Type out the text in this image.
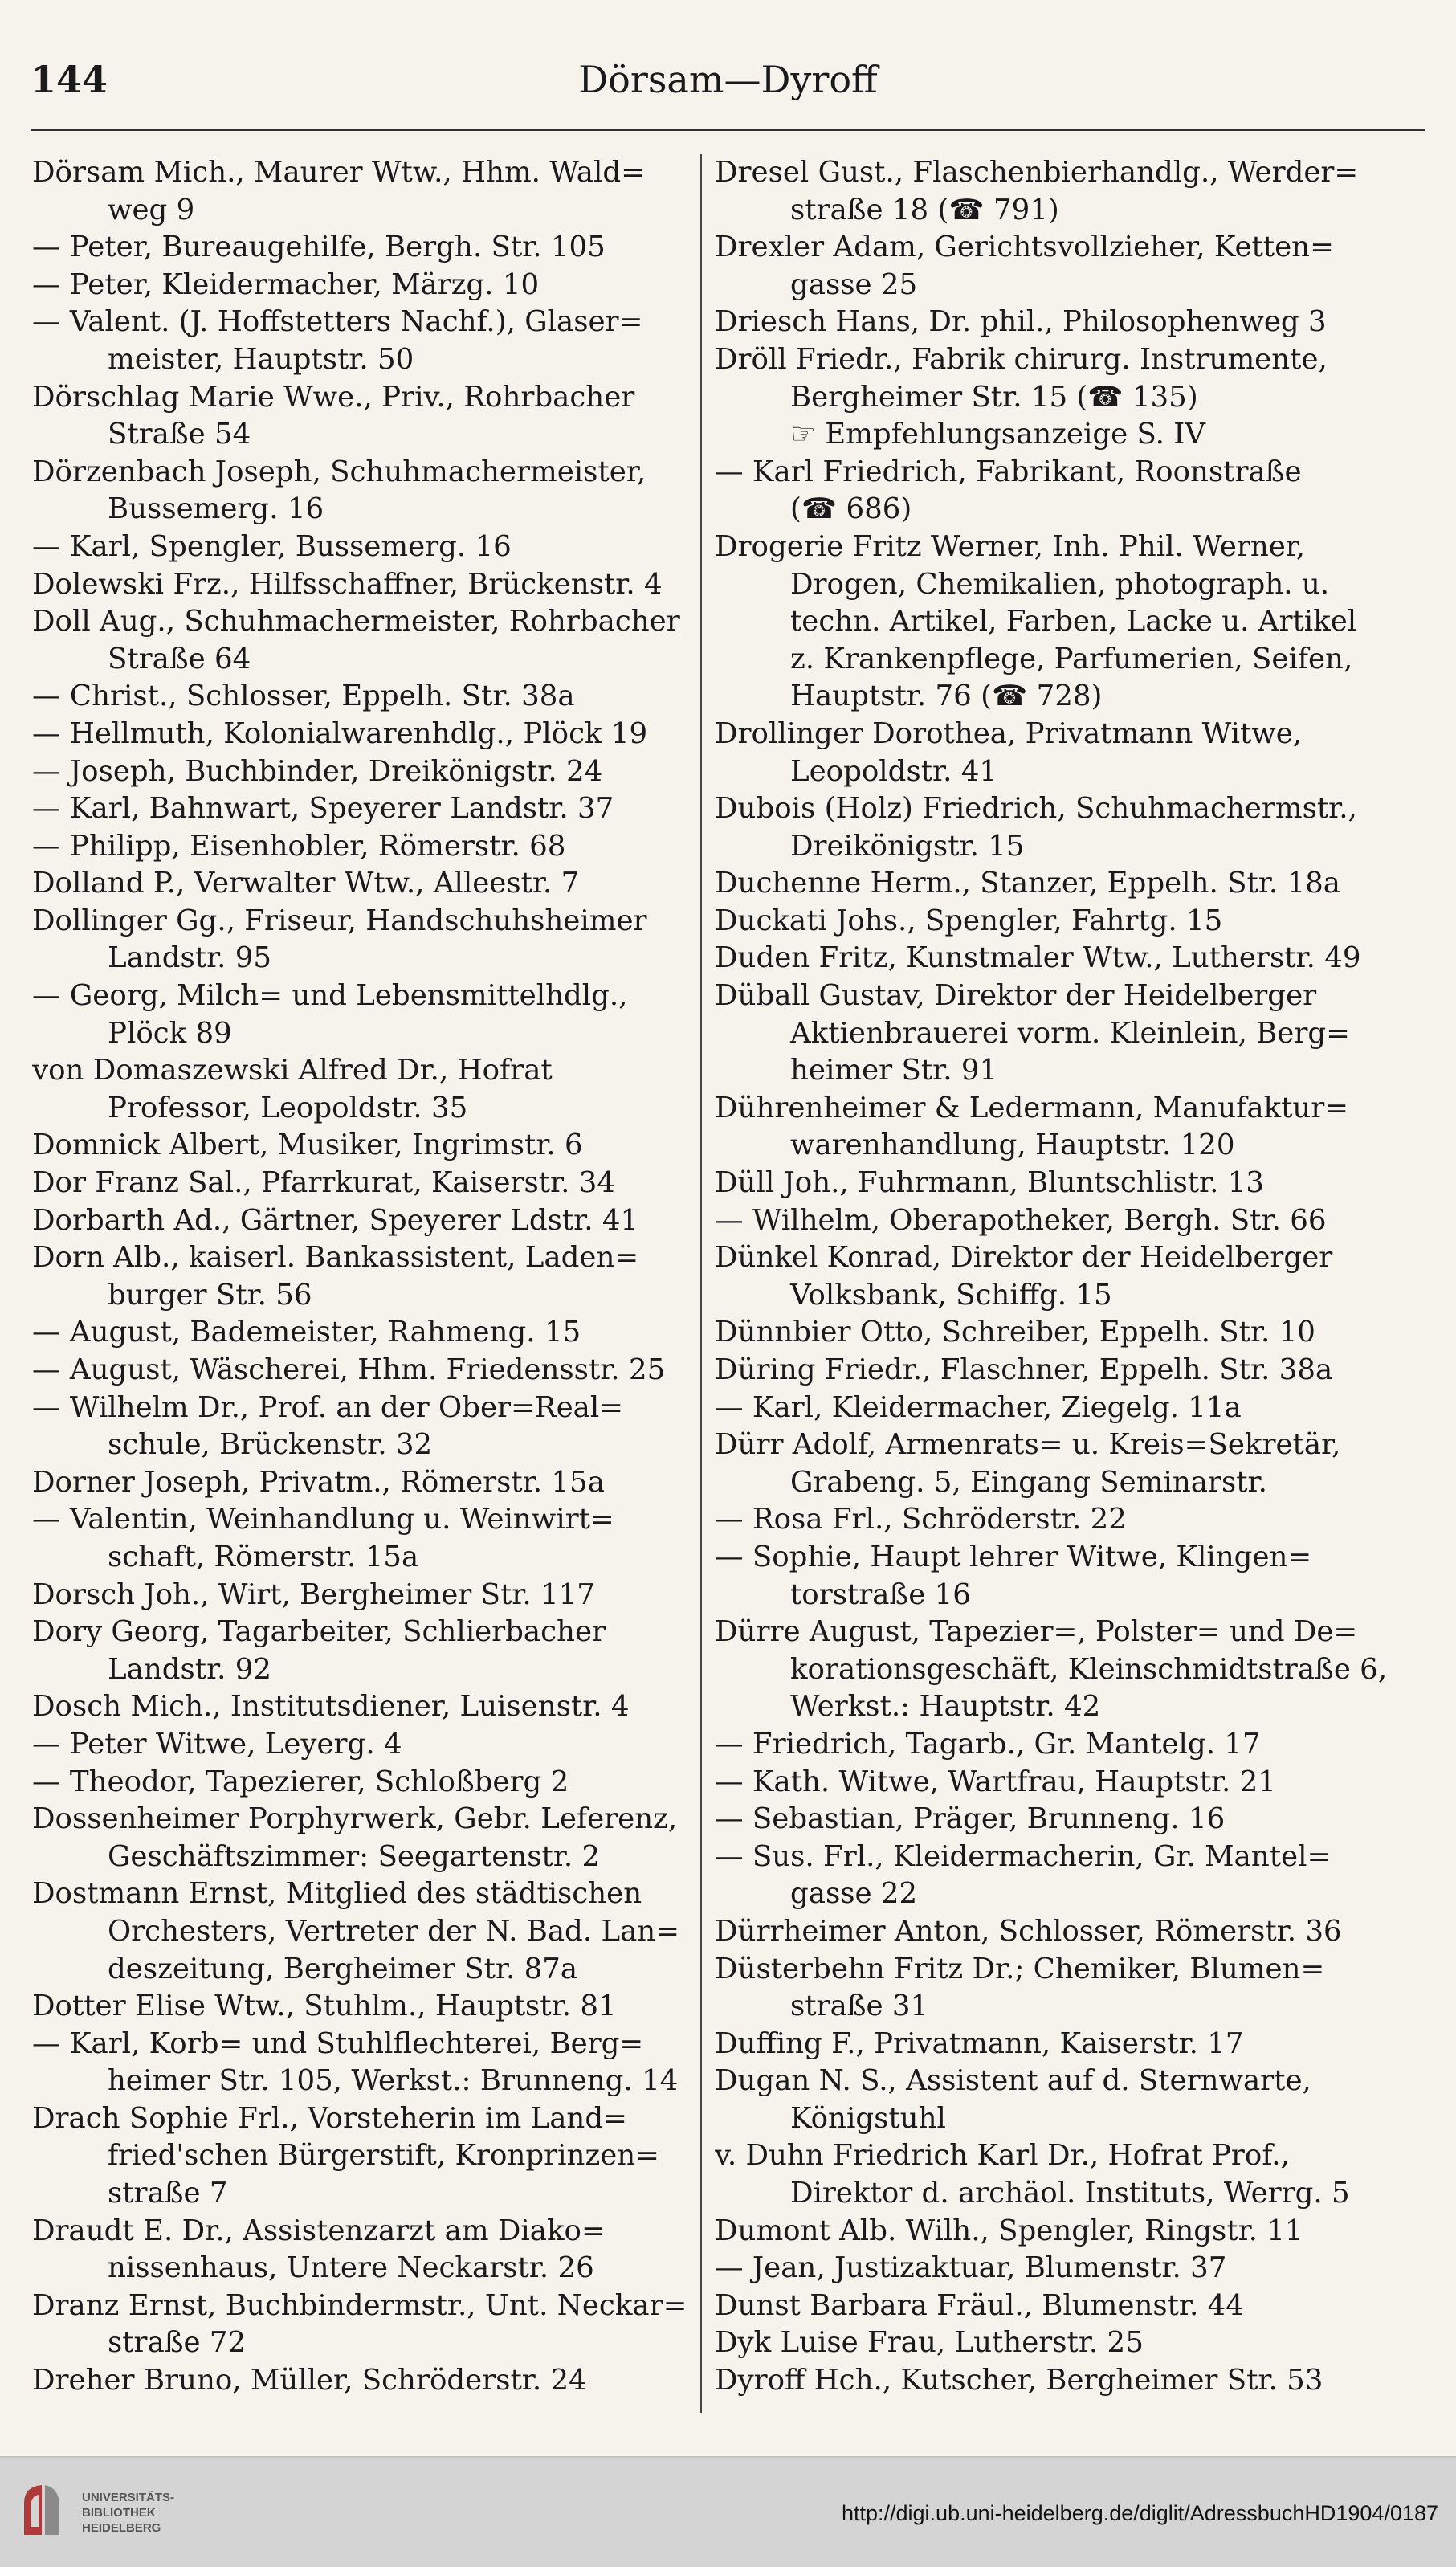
144	Dörsam—Dyroff
Dörsam Mich., Maurer Wtw., Hhm. Wald=
weg 9
— Peter, Bureaugehilfe, Bergh. Str. 105
— Peter, Kleidermacher, Märzg. 10
— Valent. (J. Hoffstetters Nachf.), Glaser=
meister, Hauptstr. 50
Dörschlag Marie Wwe., Priv., Rohrbacher
Straße 54
Dörzenbach Joseph, Schuhmachermeister,
Bussemerg. 16
— Karl, Spengler, Bussemerg. 16
Dolewski Frz., Hilfsschaffner, Brückenstr. 4
Doll Aug., Schuhmachermeister, Rohrbacher
Straße 64
— Christ., Schlosser, Eppelh. Str. 38a
— Hellmuth, Kolonialwarenhdlg., Plöck 19
— Joseph, Buchbinder, Dreikönigstr. 24
— Karl, Bahnwart, Speyerer Landstr. 37
— Philipp, Eisenhobler, Römerstr. 68
Dolland P., Verwalter Wtw., Alleestr. 7
Dollinger Gg., Friseur, Handschuhsheimer
Landstr. 95
— Georg, Milch= und Lebensmittelhdlg.,
Plöck 89
von Domaszewski Alfred Dr., Hofrat
Professor, Leopoldstr. 35
Domnick Albert, Musiker, Ingrimstr. 6
Dor Franz Sal., Pfarrkurat, Kaiserstr. 34
Dorbarth Ad., Gärtner, Speyerer Ldstr. 41
Dorn Alb., kaiserl. Bankassistent, Laden=
burger Str. 56
— August, Bademeister, Rahmeng. 15
— August, Wäscherei, Hhm. Friedensstr. 25
— Wilhelm Dr., Prof. an der Ober=Real=
schule, Brückenstr. 32
Dorner Joseph, Privatm., Römerstr. 15a
— Valentin, Weinhandlung u. Weinwirt=
schaft, Römerstr. 15a
Dorsch Joh., Wirt, Bergheimer Str. 117
Dory Georg, Tagarbeiter, Schlierbacher
Landstr. 92
Dosch Mich., Institutsdiener, Luisenstr. 4
— Peter Witwe, Leyerg. 4
— Theodor, Tapezierer, Schloßberg 2
Dossenheimer Porphyrwerk, Gebr. Leferenz,
Geschäftszimmer: Seegartenstr. 2
Dostmann Ernst, Mitglied des städtischen
Orchesters, Vertreter der N. Bad. Lan=
deszeitung, Bergheimer Str. 87a
Dotter Elise Wtw., Stuhlm., Hauptstr. 81
— Karl, Korb= und Stuhlflechterei, Berg=
heimer Str. 105, Werkst.: Brunneng. 14
Drach Sophie Frl., Vorsteherin im Land=
fried'schen Bürgerstift, Kronprinzen=
straße 7
Draudt E. Dr., Assistenzarzt am Diako=
nissenhaus, Untere Neckarstr. 26
Dranz Ernst, Buchbindermstr., Unt. Neckar=
straße 72
Dreher Bruno, Müller, Schröderstr. 24
Dresel Gust., Flaschenbierhandlg., Werder=
straße 18 (☎ 791)
Drexler Adam, Gerichtsvollzieher, Ketten=
gasse 25
Driesch Hans, Dr. phil., Philosophenweg 3
Dröll Friedr., Fabrik chirurg. Instrumente,
Bergheimer Str. 15 (☎ 135)
☞ Empfehlungsanzeige S. IV
— Karl Friedrich, Fabrikant, Roonstraße
(☎ 686)
Drogerie Fritz Werner, Inh. Phil. Werner,
Drogen, Chemikalien, photograph. u.
techn. Artikel, Farben, Lacke u. Artikel
z. Krankenpflege, Parfumerien, Seifen,
Hauptstr. 76 (☎ 728)
Drollinger Dorothea, Privatmann Witwe,
Leopoldstr. 41
Dubois (Holz) Friedrich, Schuhmachermstr.,
Dreikönigstr. 15
Duchenne Herm., Stanzer, Eppelh. Str. 18a
Duckati Johs., Spengler, Fahrtg. 15
Duden Fritz, Kunstmaler Wtw., Lutherstr. 49
Düball Gustav, Direktor der Heidelberger
Aktienbrauerei vorm. Kleinlein, Berg=
heimer Str. 91
Dührenheimer & Ledermann, Manufaktur=
warenhandlung, Hauptstr. 120
Düll Joh., Fuhrmann, Bluntschlistr. 13
— Wilhelm, Oberapotheker, Bergh. Str. 66
Dünkel Konrad, Direktor der Heidelberger
Volksbank, Schiffg. 15
Dünnbier Otto, Schreiber, Eppelh. Str. 10
Düring Friedr., Flaschner, Eppelh. Str. 38a
— Karl, Kleidermacher, Ziegelg. 11a
Dürr Adolf, Armenrats= u. Kreis=Sekretär,
Grabeng. 5, Eingang Seminarstr.
— Rosa Frl., Schröderstr. 22
— Sophie, Haupt lehrer Witwe, Klingen=
torstraße 16
Dürre August, Tapezier=, Polster= und De=
korationsgeschäft, Kleinschmidtstraße 6,
Werkst.: Hauptstr. 42
— Friedrich, Tagarb., Gr. Mantelg. 17
— Kath. Witwe, Wartfrau, Hauptstr. 21
— Sebastian, Präger, Brunneng. 16
— Sus. Frl., Kleidermacherin, Gr. Mantel=
gasse 22
Dürrheimer Anton, Schlosser, Römerstr. 36
Düsterbehn Fritz Dr.; Chemiker, Blumen=
straße 31
Duffing F., Privatmann, Kaiserstr. 17
Dugan N. S., Assistent auf d. Sternwarte,
Königstuhl
v. Duhn Friedrich Karl Dr., Hofrat Prof.,
Direktor d. archäol. Instituts, Werrg. 5
Dumont Alb. Wilh., Spengler, Ringstr. 11
— Jean, Justizaktuar, Blumenstr. 37
Dunst Barbara Fräul., Blumenstr. 44
Dyk Luise Frau, Lutherstr. 25
Dyroff Hch., Kutscher, Bergheimer Str. 53
UNIVERSITÄTS-
BIBLIOTHEK
HEIDELBERG
http://digi.ub.uni-heidelberg.de/diglit/AdressbuchHD1904/0187
